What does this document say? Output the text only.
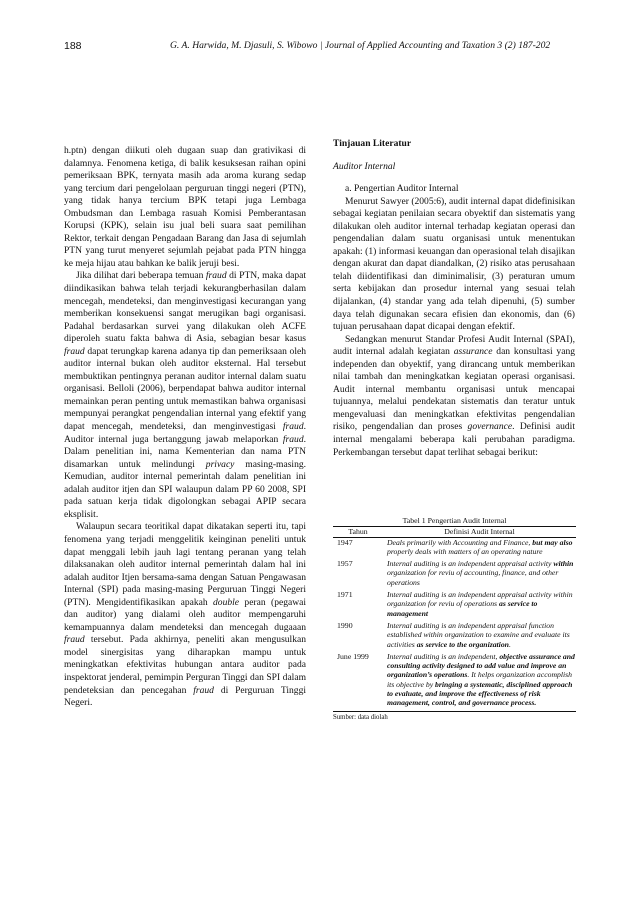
188	G. A. Harwida, M. Djasuli, S. Wibowo | Journal of Applied Accounting and Taxation 3 (2) 187-202

h.ptn) dengan diikuti oleh dugaan suap dan grativikasi di dalamnya. Fenomena ketiga, di balik kesuksesan raihan opini pemeriksaan BPK, ternyata masih ada aroma kurang sedap yang tercium dari pengelolaan perguruan tinggi negeri (PTN), yang tidak hanya tercium BPK tetapi juga Lembaga Ombudsman dan Lembaga rasuah Komisi Pemberantasan Korupsi (KPK), selain isu jual beli suara saat pemilihan Rektor, terkait dengan Pengadaan Barang dan Jasa di sejumlah PTN yang turut menyeret sejumlah pejabat pada PTN hingga ke meja hijau atau bahkan ke balik jeruji besi.

Jika dilihat dari beberapa temuan fraud di PTN, maka dapat diindikasikan bahwa telah terjadi kekurangberhasilan dalam mencegah, mendeteksi, dan menginvestigasi kecurangan yang memberikan konsekuensi sangat merugikan bagi organisasi. Padahal berdasarkan survei yang dilakukan oleh ACFE diperoleh suatu fakta bahwa di Asia, sebagian besar kasus fraud dapat terungkap karena adanya tip dan pemeriksaan oleh auditor internal bukan oleh auditor eksternal. Hal tersebut membuktikan pentingnya peranan auditor internal dalam suatu organisasi. Belloli (2006), berpendapat bahwa auditor internal memainkan peran penting untuk memastikan bahwa organisasi mempunyai perangkat pengendalian internal yang efektif yang dapat mencegah, mendeteksi, dan menginvestigasi fraud. Auditor internal juga bertanggung jawab melaporkan fraud. Dalam penelitian ini, nama Kementerian dan nama PTN disamarkan untuk melindungi privacy masing-masing. Kemudian, auditor internal pemerintah dalam penelitian ini adalah auditor itjen dan SPI walaupun dalam PP 60 2008, SPI pada satuan kerja tidak digolongkan sebagai APIP secara eksplisit.

Walaupun secara teoritikal dapat dikatakan seperti itu, tapi fenomena yang terjadi menggelitik keinginan peneliti untuk dapat menggali lebih jauh lagi tentang peranan yang telah dilaksanakan oleh auditor internal pemerintah dalam hal ini adalah auditor Itjen bersama-sama dengan Satuan Pengawasan Internal (SPI) pada masing-masing Perguruan Tinggi Negeri (PTN). Mengidentifikasikan apakah double peran (pegawai dan auditor) yang dialami oleh auditor mempengaruhi kemampuannya dalam mendeteksi dan mencegah dugaaan fraud tersebut. Pada akhirnya, peneliti akan mengusulkan model sinergisitas yang diharapkan mampu untuk meningkatkan efektivitas hubungan antara auditor pada inspektorat jenderal, pemimpin Perguran Tinggi dan SPI dalam pendeteksian dan pencegahan fraud di Perguruan Tinggi Negeri.

Tinjauan Literatur

Auditor Internal

a. Pengertian Auditor Internal

Menurut Sawyer (2005:6), audit internal dapat didefinisikan sebagai kegiatan penilaian secara obyektif dan sistematis yang dilakukan oleh auditor internal terhadap kegiatan operasi dan pengendalian dalam suatu organisasi untuk menentukan apakah: (1) informasi keuangan dan operasional telah disajikan dengan akurat dan dapat diandalkan, (2) risiko atas perusahaan telah diidentifikasi dan diminimalisir, (3) peraturan umum serta kebijakan dan prosedur internal yang sesuai telah dijalankan, (4) standar yang ada telah dipenuhi, (5) sumber daya telah digunakan secara efisien dan ekonomis, dan (6) tujuan perusahaan dapat dicapai dengan efektif.

Sedangkan menurut Standar Profesi Audit Internal (SPAI), audit internal adalah kegiatan assurance dan konsultasi yang independen dan obyektif, yang dirancang untuk memberikan nilai tambah dan meningkatkan kegiatan operasi organisasi. Audit internal membantu organisasi untuk mencapai tujuannya, melalui pendekatan sistematis dan teratur untuk mengevaluasi dan meningkatkan efektivitas pengendalian risiko, pengendalian dan proses governance. Definisi audit internal mengalami beberapa kali perubahan paradigma. Perkembangan tersebut dapat terlihat sebagai berikut:

Tabel 1 Pengertian Audit Internal
Tahun	Definisi Audit Internal
1947	Deals primarily with Accounting and Finance, but may also properly deals with matters of an operating nature
1957	Internal auditing is an independent appraisal activity within organization for reviu of accounting, finance, and other operations
1971	Internal auditing is an independent appraisal activity within organization for reviu of operations as service to management
1990	Internal auditing is an independent appraisal function established within organization to examine and evaluate its activities as service to the organization.
June 1999	Internal auditing is an independent, objective assurance and consulting activity designed to add value and improve an organization’s operations. It helps organization accomplish its objective by bringing a systematic, disciplined approach to evaluate, and improve the effectiveness of risk management, control, and governance process.
Sumber: data diolah
